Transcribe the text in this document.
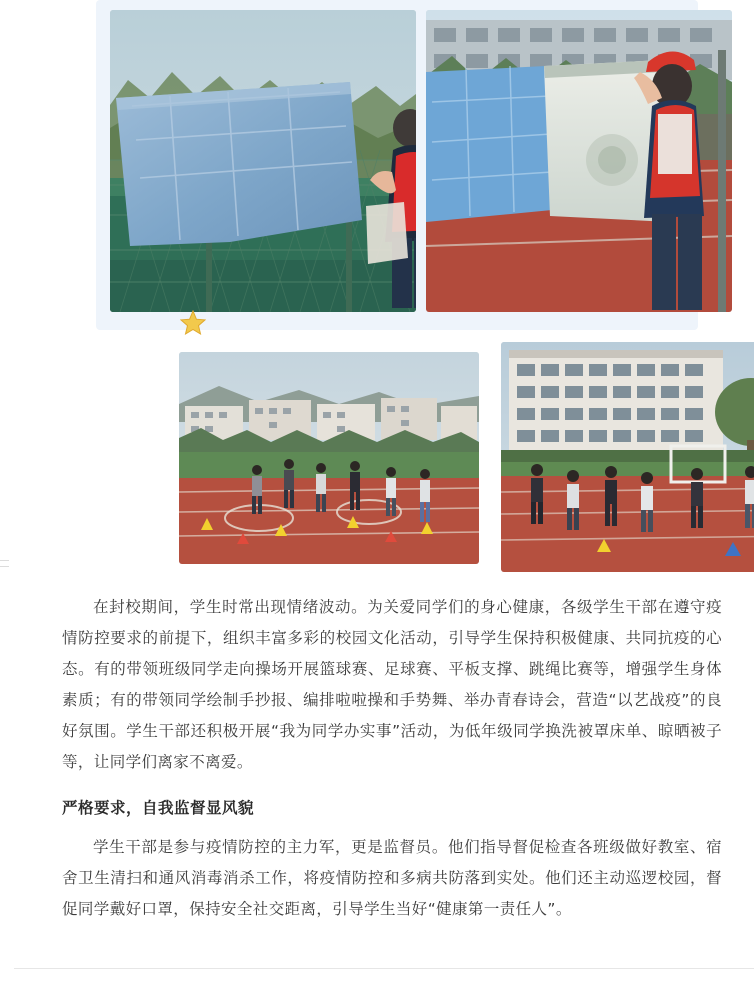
在封校期间，学生时常出现情绪波动。为关爱同学们的身心健康，各级学生干部在遵守疫情防控要求的前提下，组织丰富多彩的校园文化活动，引导学生保持积极健康、共同抗疫的心态。有的带领班级同学走向操场开展篮球赛、足球赛、平板支撑、跳绳比赛等，增强学生身体素质；有的带领同学绘制手抄报、编排啦啦操和手势舞、举办青春诗会，营造“以艺战疫”的良好氛围。学生干部还积极开展“我为同学办实事”活动，为低年级同学换洗被罩床单、晾晒被子等，让同学们离家不离爱。

严格要求，自我监督显风貌

学生干部是参与疫情防控的主力军，更是监督员。他们指导督促检查各班级做好教室、宿舍卫生清扫和通风消毒消杀工作，将疫情防控和多病共防落到实处。他们还主动巡逻校园，督促同学戴好口罩，保持安全社交距离，引导学生当好“健康第一责任人”。
